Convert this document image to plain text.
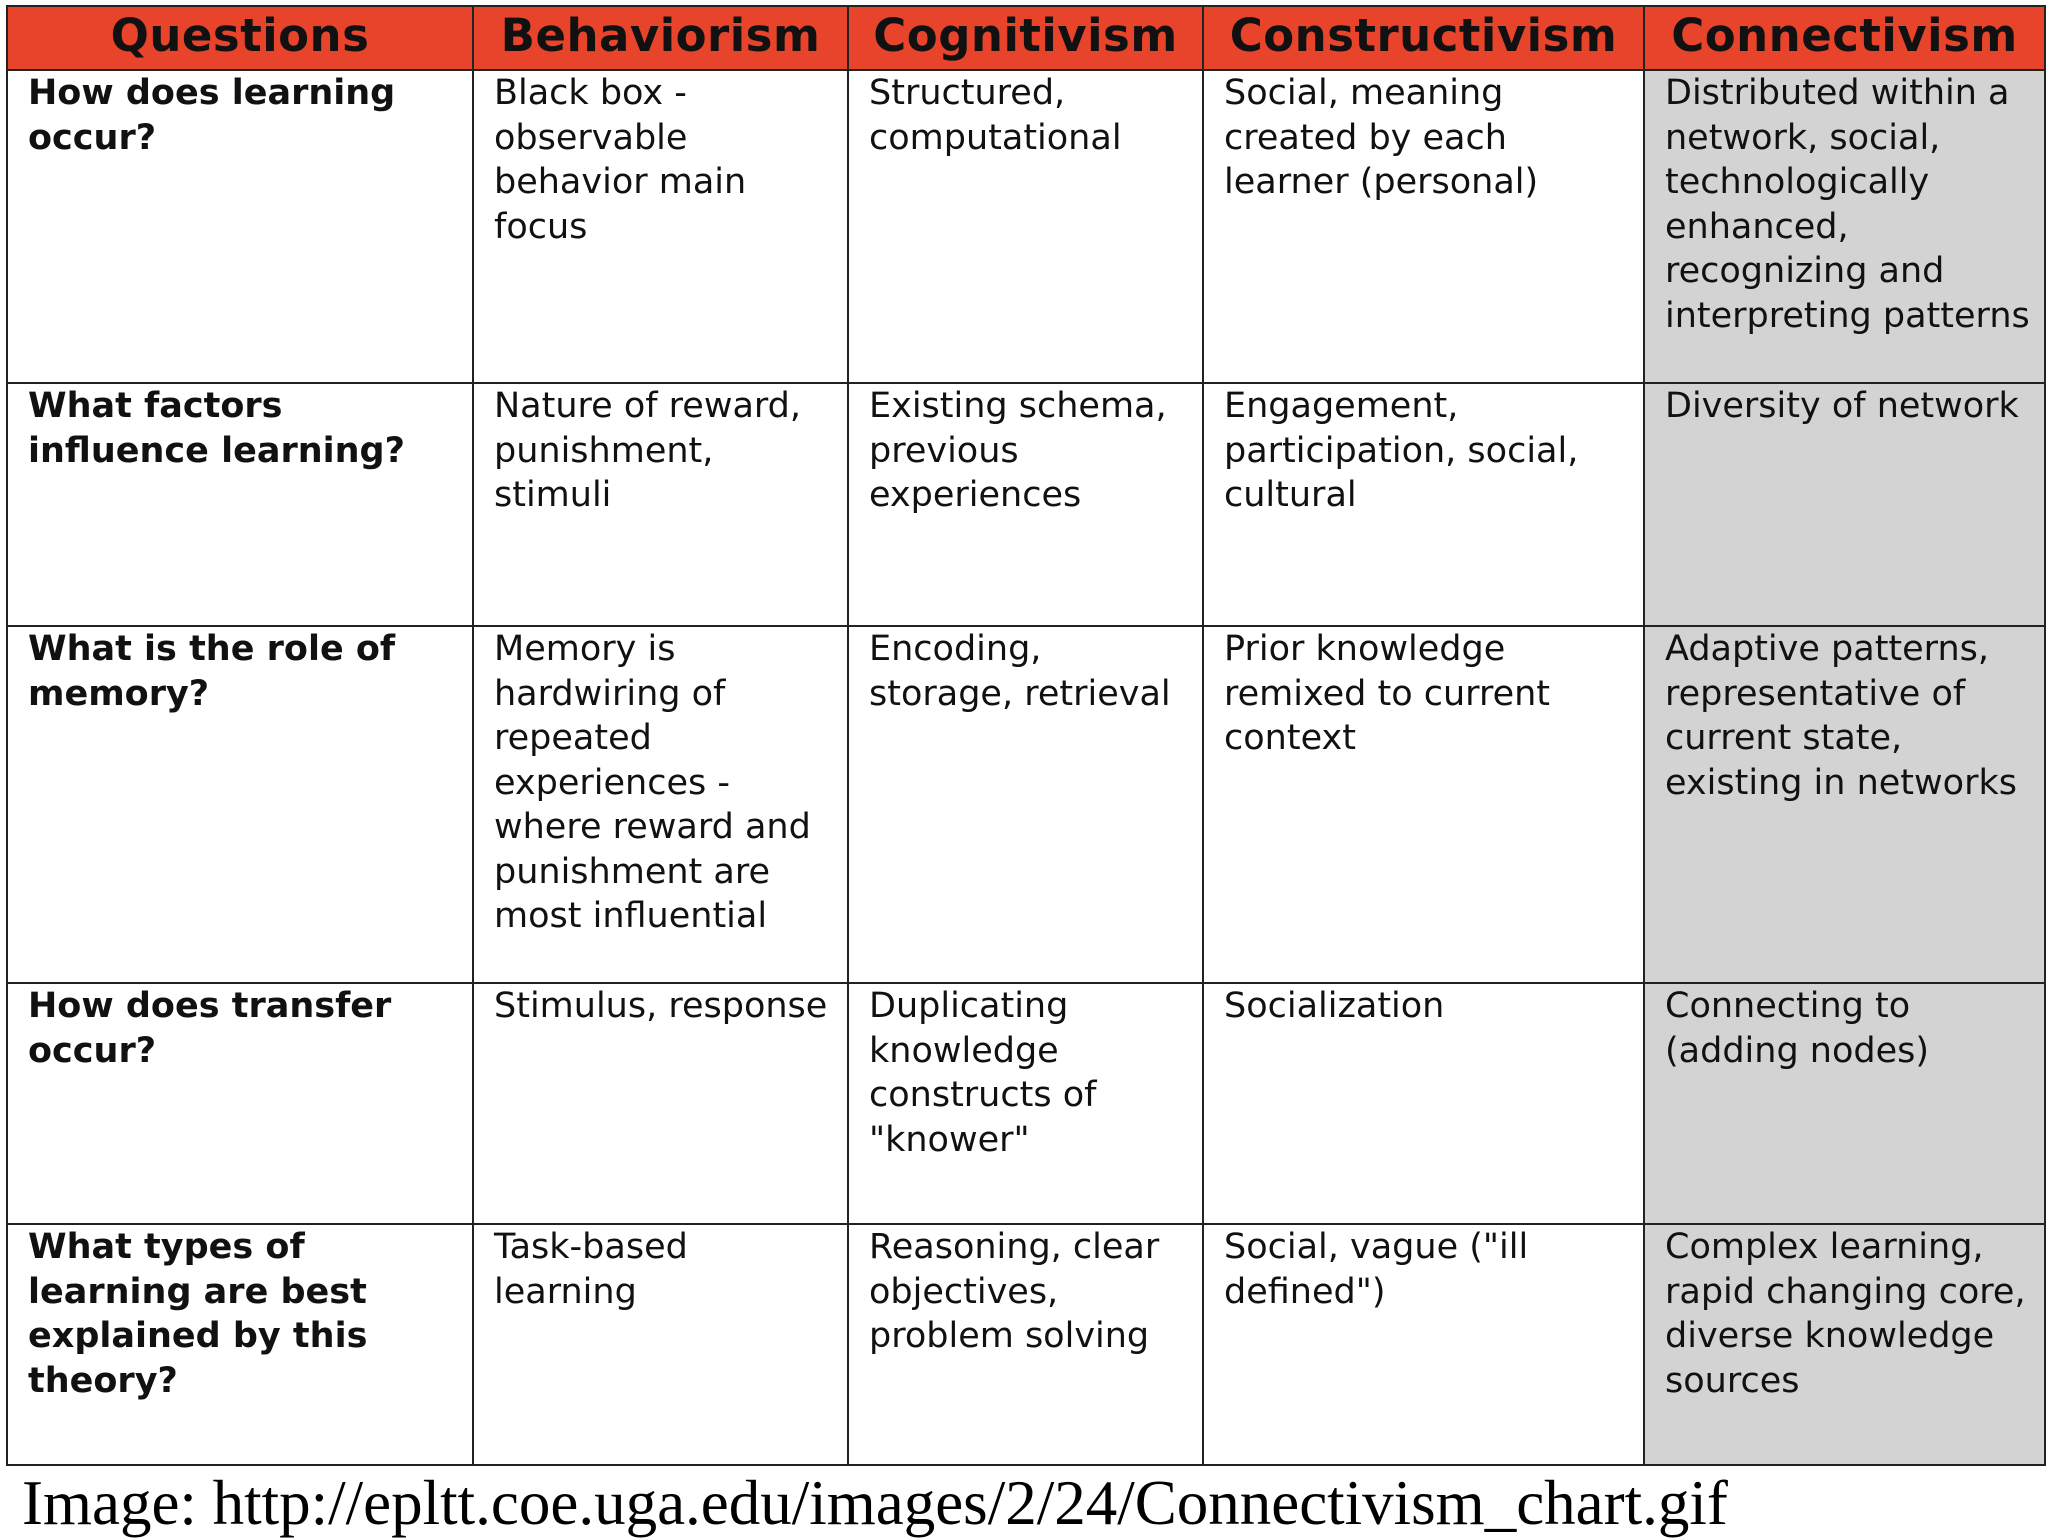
Questions	Behaviorism	Cognitivism	Constructivism	Connectivism
How does learning occur?	Black box - observable behavior main focus	Structured, computational	Social, meaning created by each learner (personal)	Distributed within a network, social, technologically enhanced, recognizing and interpreting patterns
What factors influence learning?	Nature of reward, punishment, stimuli	Existing schema, previous experiences	Engagement, participation, social, cultural	Diversity of network
What is the role of memory?	Memory is hardwiring of repeated experiences - where reward and punishment are most influential	Encoding, storage, retrieval	Prior knowledge remixed to current context	Adaptive patterns, representative of current state, existing in networks
How does transfer occur?	Stimulus, response	Duplicating knowledge constructs of "knower"	Socialization	Connecting to (adding nodes)
What types of learning are best explained by this theory?	Task-based learning	Reasoning, clear objectives, problem solving	Social, vague ("ill defined")	Complex learning, rapid changing core, diverse knowledge sources
Image: http://epltt.coe.uga.edu/images/2/24/Connectivism_chart.gif
